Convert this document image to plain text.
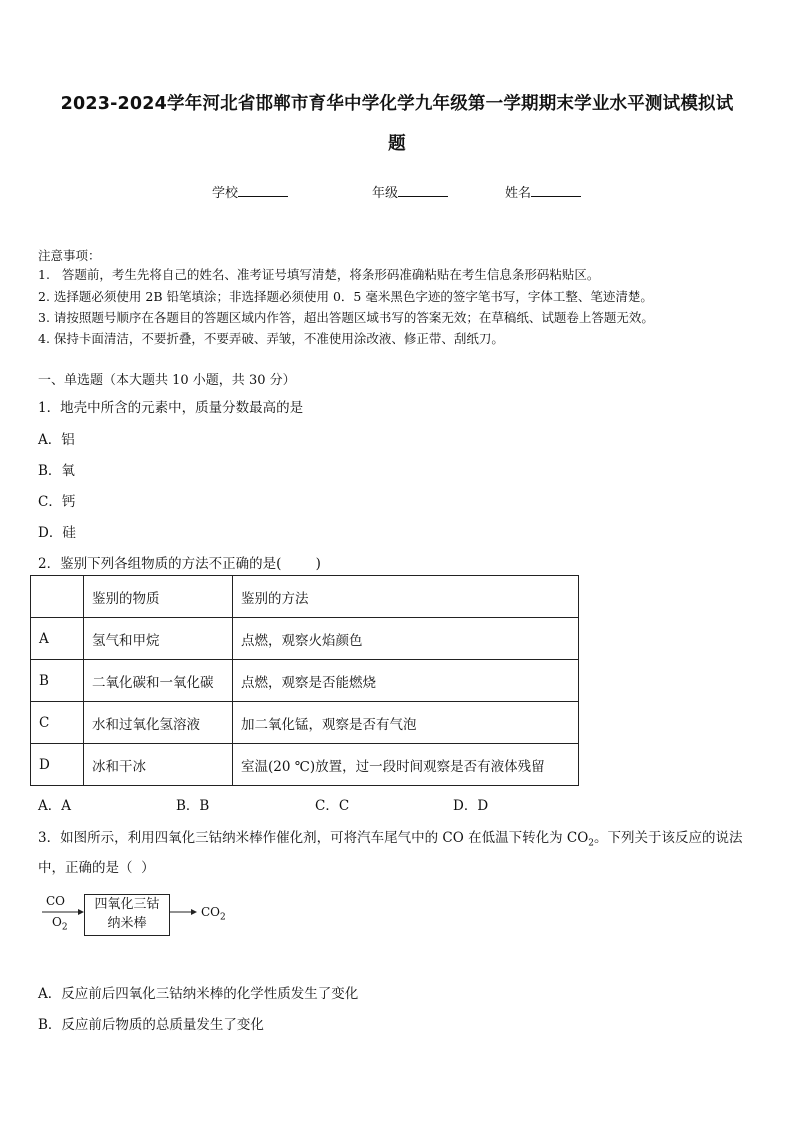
2023-2024学年河北省邯郸市育华中学化学九年级第一学期期末学业水平测试模拟试
题
学校	年级	姓名
注意事项：
1.   答题前，考生先将自己的姓名、准考证号填写清楚，将条形码准确粘贴在考生信息条形码粘贴区。
2. 选择题必须使用 2B 铅笔填涂；非选择题必须使用 0．5 毫米黑色字迹的签字笔书写，字体工整、笔迹清楚。
3. 请按照题号顺序在各题目的答题区域内作答，超出答题区域书写的答案无效；在草稿纸、试题卷上答题无效。
4. 保持卡面清洁，不要折叠，不要弄破、弄皱，不准使用涂改液、修正带、刮纸刀。
一、单选题（本大题共 10 小题，共 30 分）
1．地壳中所含的元素中，质量分数最高的是
A．铝
B．氧
C．钙
D．硅
2．鉴别下列各组物质的方法不正确的是(        )
	鉴别的物质	鉴别的方法
A	氢气和甲烷	点燃，观察火焰颜色
B	二氧化碳和一氧化碳	点燃，观察是否能燃烧
C	水和过氧化氢溶液	加二氧化锰，观察是否有气泡
D	冰和干冰	室温(20 ℃)放置，过一段时间观察是否有液体残留
A．A	B．B	C．C	D．D
3．如图所示，利用四氧化三钴纳米棒作催化剂，可将汽车尾气中的 CO 在低温下转化为 $CO_2$。下列关于该反应的说法
中，正确的是（  ）
CO
$O_2$
四氧化三钴
纳米棒
$CO_2$
A．反应前后四氧化三钴纳米棒的化学性质发生了变化
B．反应前后物质的总质量发生了变化
